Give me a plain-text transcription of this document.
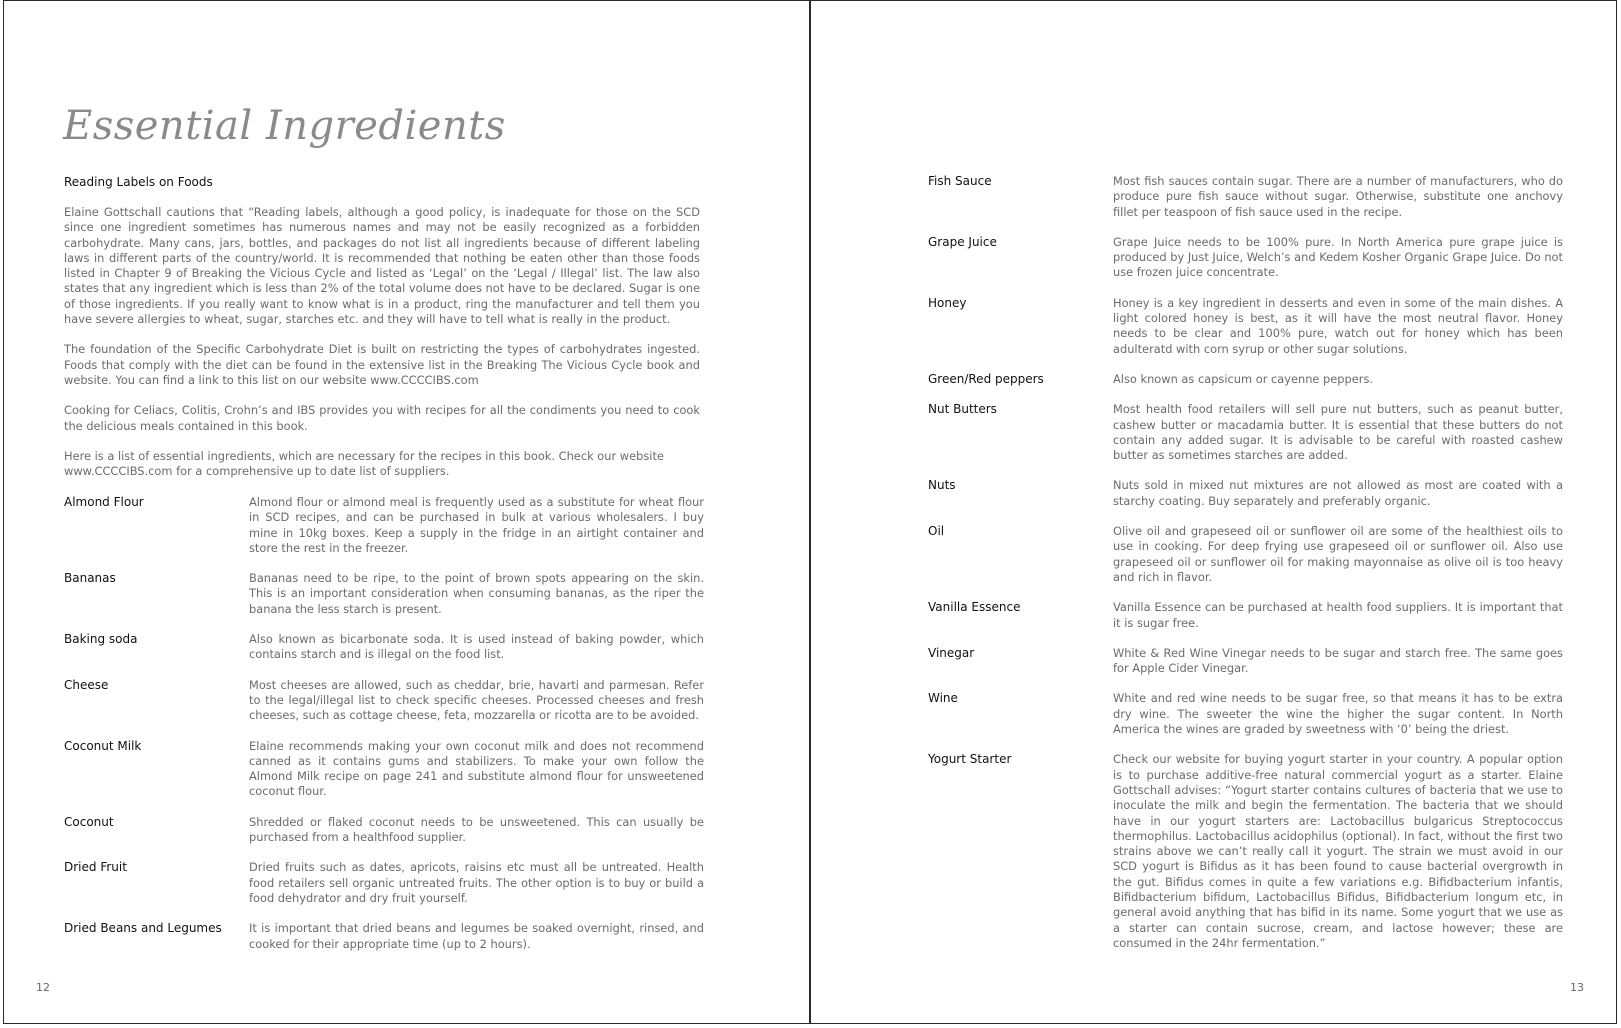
Essential Ingredients
Reading Labels on Foods

Elaine Gottschall cautions that “Reading labels, although a good policy, is inadequate for those on the SCD since one ingredient sometimes has numerous names and may not be easily recognized as a forbidden carbohydrate. Many cans, jars, bottles, and packages do not list all ingredients because of different labeling laws in different parts of the country/world. It is recommended that nothing be eaten other than those foods listed in Chapter 9 of Breaking the Vicious Cycle and listed as ‘Legal’ on the ‘Legal / Illegal’ list. The law also states that any ingredient which is less than 2% of the total volume does not have to be declared. Sugar is one of those ingredients. If you really want to know what is in a product, ring the manufacturer and tell them you have severe allergies to wheat, sugar, starches etc. and they will have to tell what is really in the product.

The foundation of the Specific Carbohydrate Diet is built on restricting the types of carbohydrates ingested. Foods that comply with the diet can be found in the extensive list in the Breaking The Vicious Cycle book and website. You can find a link to this list on our website www.CCCCIBS.com

Cooking for Celiacs, Colitis, Crohn’s and IBS provides you with recipes for all the condiments you need to cook the delicious meals contained in this book.

Here is a list of essential ingredients, which are necessary for the recipes in this book. Check our website www.CCCCIBS.com for a comprehensive up to date list of suppliers.

Almond Flour	Almond flour or almond meal is frequently used as a substitute for wheat flour in SCD recipes, and can be purchased in bulk at various wholesalers. I buy mine in 10kg boxes. Keep a supply in the fridge in an airtight container and store the rest in the freezer.
Bananas	Bananas need to be ripe, to the point of brown spots appearing on the skin. This is an important consideration when consuming bananas, as the riper the banana the less starch is present.
Baking soda	Also known as bicarbonate soda. It is used instead of baking powder, which contains starch and is illegal on the food list.
Cheese	Most cheeses are allowed, such as cheddar, brie, havarti and parmesan. Refer to the legal/illegal list to check specific cheeses. Processed cheeses and fresh cheeses, such as cottage cheese, feta, mozzarella or ricotta are to be avoided.
Coconut Milk	Elaine recommends making your own coconut milk and does not recommend canned as it contains gums and stabilizers. To make your own follow the Almond Milk recipe on page 241 and substitute almond flour for unsweetened coconut flour.
Coconut	Shredded or flaked coconut needs to be unsweetened. This can usually be purchased from a healthfood supplier.
Dried Fruit	Dried fruits such as dates, apricots, raisins etc must all be untreated. Health food retailers sell organic untreated fruits. The other option is to buy or build a food dehydrator and dry fruit yourself.
Dried Beans and Legumes	It is important that dried beans and legumes be soaked overnight, rinsed, and cooked for their appropriate time (up to 2 hours).
12	13
Fish Sauce	Most fish sauces contain sugar. There are a number of manufacturers, who do produce pure fish sauce without sugar. Otherwise, substitute one anchovy fillet per teaspoon of fish sauce used in the recipe.
Grape Juice	Grape Juice needs to be 100% pure. In North America pure grape juice is produced by Just Juice, Welch’s and Kedem Kosher Organic Grape Juice. Do not use frozen juice concentrate.
Honey	Honey is a key ingredient in desserts and even in some of the main dishes. A light colored honey is best, as it will have the most neutral flavor. Honey needs to be clear and 100% pure, watch out for honey which has been adulteratd with corn syrup or other sugar solutions.
Green/Red peppers	Also known as capsicum or cayenne peppers.
Nut Butters	Most health food retailers will sell pure nut butters, such as peanut butter, cashew butter or macadamia butter. It is essential that these butters do not contain any added sugar. It is advisable to be careful with roasted cashew butter as sometimes starches are added.
Nuts	Nuts sold in mixed nut mixtures are not allowed as most are coated with a starchy coating. Buy separately and preferably organic.
Oil	Olive oil and grapeseed oil or sunflower oil are some of the healthiest oils to use in cooking. For deep frying use grapeseed oil or sunflower oil. Also use grapeseed oil or sunflower oil for making mayonnaise as olive oil is too heavy and rich in flavor.
Vanilla Essence	Vanilla Essence can be purchased at health food suppliers. It is important that it is sugar free.
Vinegar	White & Red Wine Vinegar needs to be sugar and starch free. The same goes for Apple Cider Vinegar.
Wine	White and red wine needs to be sugar free, so that means it has to be extra dry wine. The sweeter the wine the higher the sugar content. In North America the wines are graded by sweetness with ‘0’ being the driest.
Yogurt Starter	Check our website for buying yogurt starter in your country. A popular option is to purchase additive-free natural commercial yogurt as a starter. Elaine Gottschall advises: “Yogurt starter contains cultures of bacteria that we use to inoculate the milk and begin the fermentation. The bacteria that we should have in our yogurt starters are: Lactobacillus bulgaricus Streptococcus thermophilus. Lactobacillus acidophilus (optional). In fact, without the first two strains above we can’t really call it yogurt. The strain we must avoid in our SCD yogurt is Bifidus as it has been found to cause bacterial overgrowth in the gut. Bifidus comes in quite a few variations e.g. Bifidbacterium infantis, Bifidbacterium bifidum, Lactobacillus Bifidus, Bifidbacterium longum etc, in general avoid anything that has bifid in its name. Some yogurt that we use as a starter can contain sucrose, cream, and lactose however; these are consumed in the 24hr fermentation.”
